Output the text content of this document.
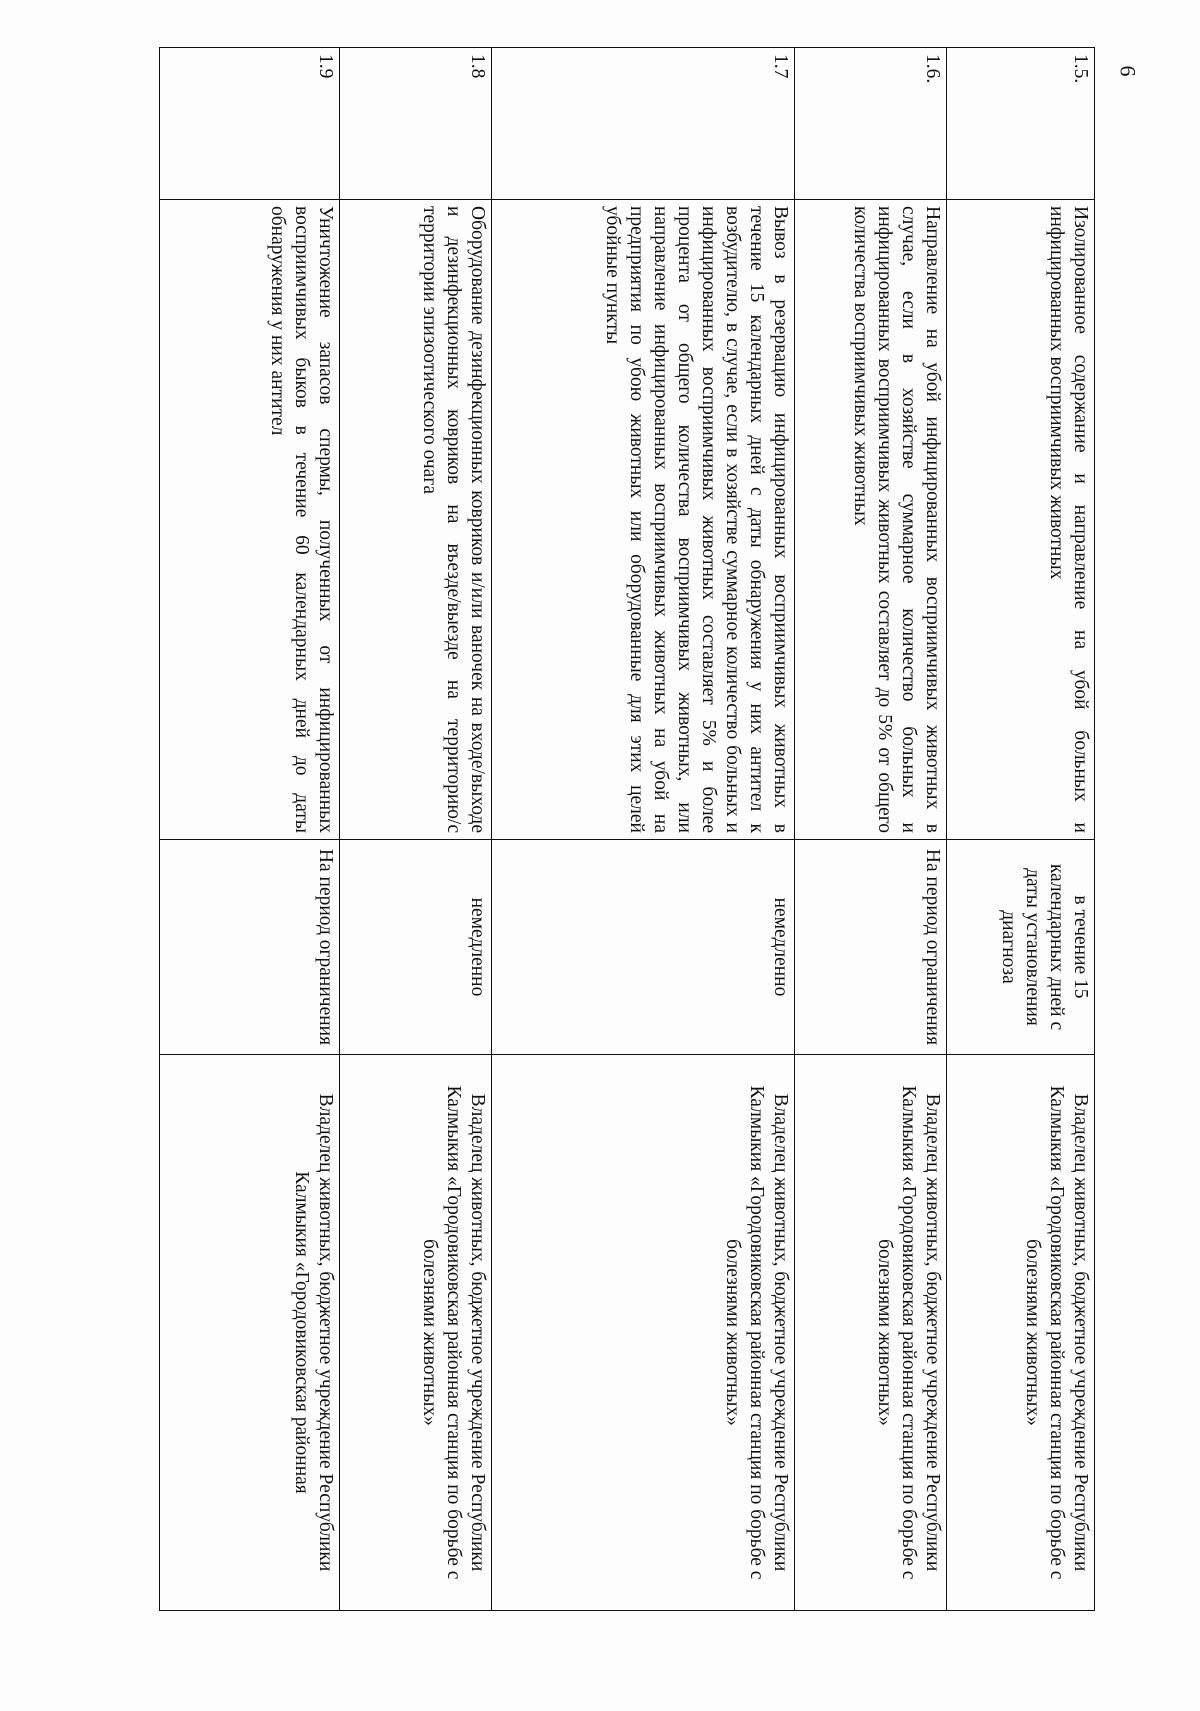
6
1.5.	Изолированное содержание и направление на убой больных и инфицированных восприимчивых животных	в течение 15 календарных дней с даты установления диагноза	Владелец животных, бюджетное учреждение Республики Калмыкия «Городовиковская районная станция по борьбе с болезнями животных»
1.6.	Направление на убой инфицированных восприимчивых животных в случае, если в хозяйстве суммарное количество больных и инфицированных восприимчивых животных составляет до 5% от общего количества восприимчивых животных	На период ограничения	Владелец животных, бюджетное учреждение Республики Калмыкия «Городовиковская районная станция по борьбе с болезнями животных»
1.7	Вывоз в резервацию инфицированных восприимчивых животных в течение 15 календарных дней с даты обнаружения у них антител к возбудителю, в случае, если в хозяйстве суммарное количество больных и инфицированных восприимчивых животных составляет 5% и более процента от общего количества восприимчивых животных, или направление инфицированных восприимчивых животных на убой на предприятия по убою животных или оборудованные для этих целей убойные пункты	немедленно	Владелец животных, бюджетное учреждение Республики Калмыкия «Городовиковская районная станция по борьбе с болезнями животных»
1.8	Оборудование дезинфекционных ковриков и/или ваночек на входе/выходе и дезинфекционных ковриков на въезде/выезде на территорию/с территории эпизоотического очага	немедленно	Владелец животных, бюджетное учреждение Республики Калмыкия «Городовиковская районная станция по борьбе с болезнями животных»
1.9	Уничтожение запасов спермы, полученных от инфицированных восприимчивых быков в течение 60 календарных дней до даты обнаружения у них антител	На период ограничения	Владелец животных, бюджетное учреждение Республики Калмыкия «Городовиковская районная
